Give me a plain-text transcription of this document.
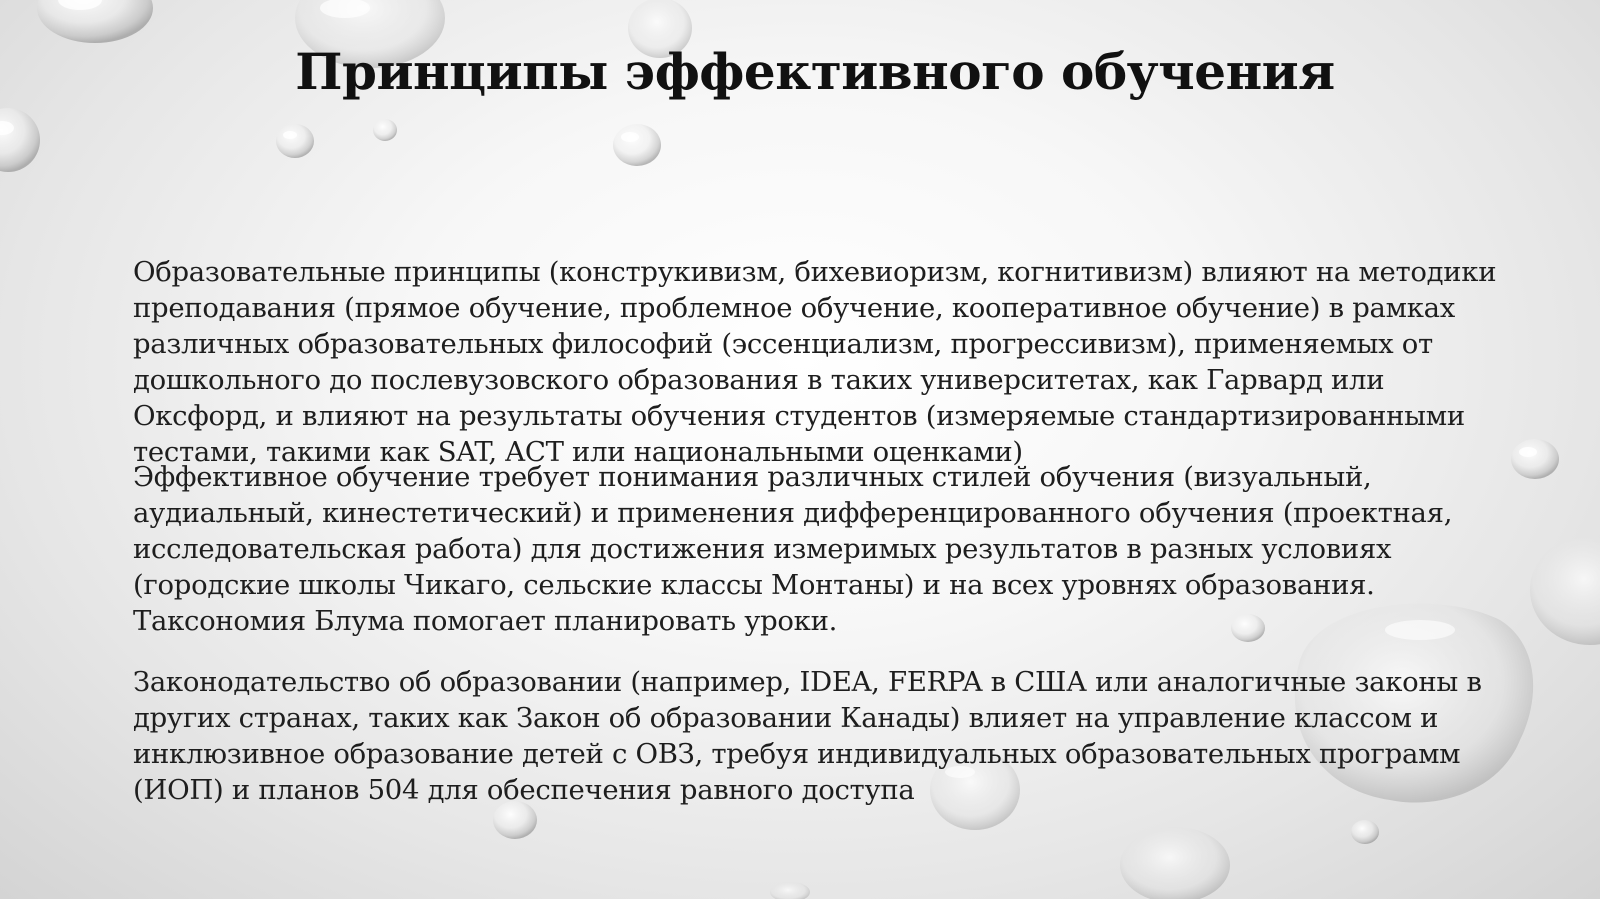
Принципы эффективного обучения
Образовательные принципы (конструкивизм, бихевиоризм, когнитивизм) влияют на методики преподавания (прямое обучение, проблемное обучение, кооперативное обучение) в рамках различных образовательных философий (эссенциализм, прогрессивизм), применяемых от дошкольного до послевузовского образования в таких университетах, как Гарвард или Оксфорд, и влияют на результаты обучения студентов (измеряемые стандартизированными тестами, такими как SAT, ACT или национальными оценками)
Эффективное обучение требует понимания различных стилей обучения (визуальный, аудиальный, кинестетический) и применения дифференцированного обучения (проектная, исследовательская работа) для достижения измеримых результатов в разных условиях (городские школы Чикаго, сельские классы Монтаны) и на всех уровнях образования. Таксономия Блума помогает планировать уроки.
Законодательство об образовании (например, IDEA, FERPA в США или аналогичные законы в других странах, таких как Закон об образовании Канады) влияет на управление классом и инклюзивное образование детей с ОВЗ, требуя индивидуальных образовательных программ (ИОП) и планов 504 для обеспечения равного доступа
